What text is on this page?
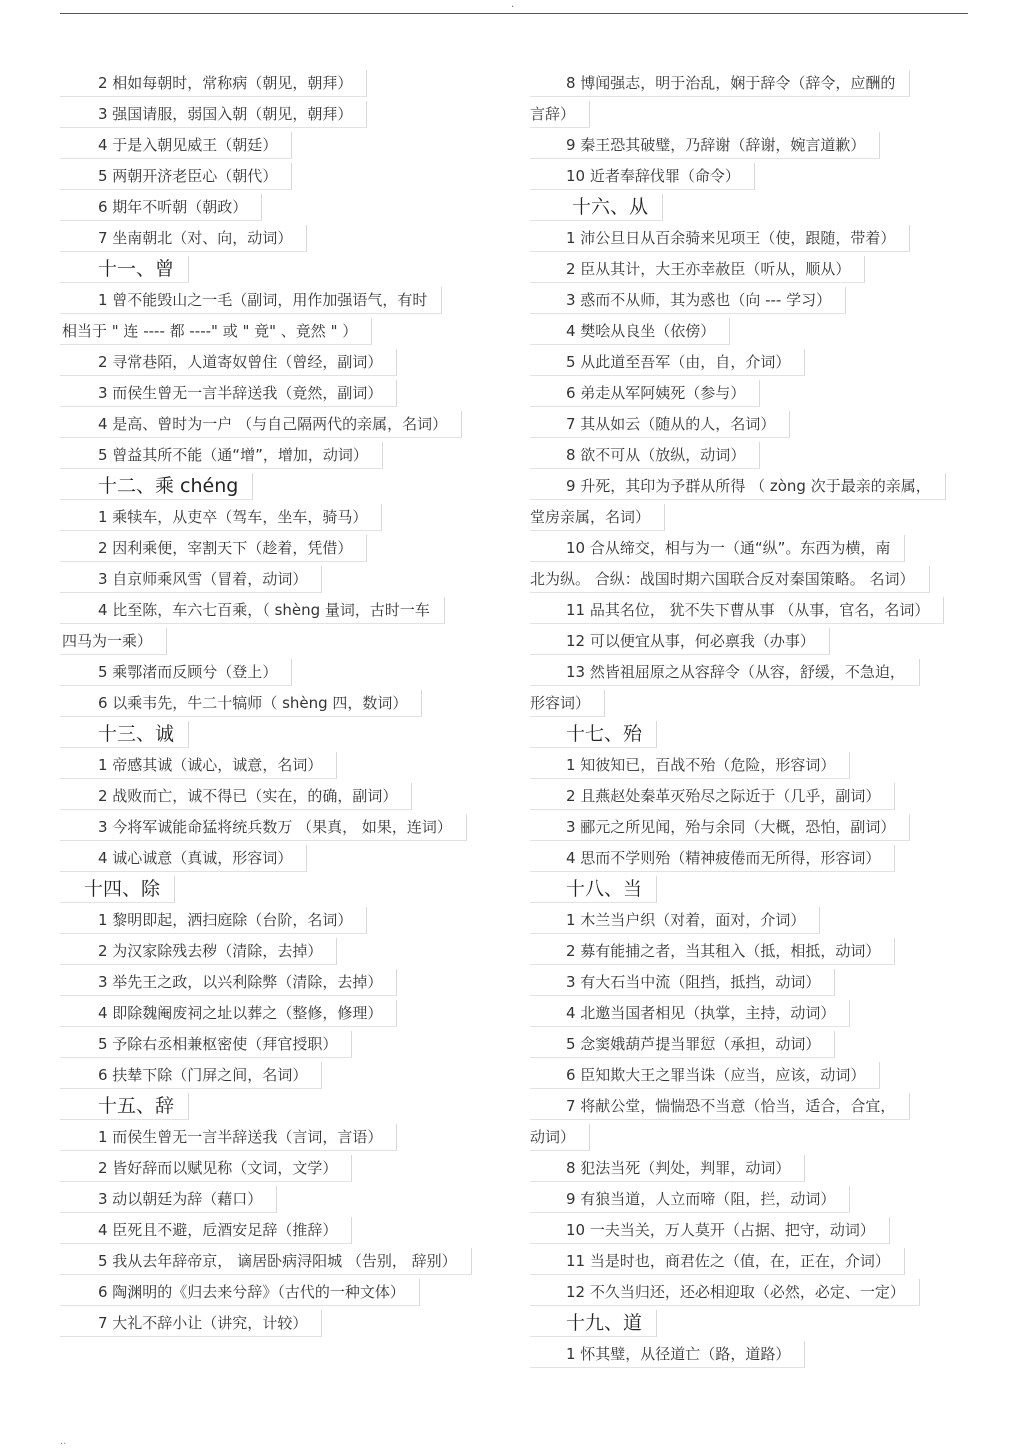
·
2 相如每朝时，常称病（朝见，朝拜）
3 强国请服，弱国入朝（朝见，朝拜）
4 于是入朝见威王（朝廷）
5 两朝开济老臣心（朝代）
6 期年不听朝（朝政）
7 坐南朝北（对、向，动词）
十一、曾
1 曾不能毁山之一毛（副词，用作加强语气，有时
相当于 " 连 ---- 都 ----" 或 " 竟" 、竟然 " ）
2 寻常巷陌，人道寄奴曾住（曾经，副词）
3 而侯生曾无一言半辞送我（竟然，副词）
4 是高、曾时为一户 （与自己隔两代的亲属，名词）
5 曾益其所不能（通“增”，增加，动词）
十二、乘 chéng
1 乘犊车，从吏卒（驾车，坐车，骑马）
2 因利乘便，宰割天下（趁着，凭借）
3 自京师乘风雪（冒着，动词）
4 比至陈，车六七百乘，（ shèng 量词，古时一车
四马为一乘）
5 乘鄂渚而反顾兮（登上）
6 以乘韦先，牛二十犒师（ shèng 四，数词）
十三、诚
1 帝感其诚（诚心，诚意，名词）
2 战败而亡，诚不得已（实在，的确，副词）
3 今将军诚能命猛将统兵数万 （果真， 如果，连词）
4 诚心诚意（真诚，形容词）
十四、除
1 黎明即起，洒扫庭除（台阶，名词）
2 为汉家除残去秽（清除，去掉）
3 举先王之政，以兴利除弊（清除，去掉）
4 即除魏阉废祠之址以葬之（整修，修理）
5 予除右丞相兼枢密使（拜官授职）
6 扶辇下除（门屏之间，名词）
十五、辞
1 而侯生曾无一言半辞送我（言词，言语）
2 皆好辞而以赋见称（文词，文学）
3 动以朝廷为辞（藉口）
4 臣死且不避，卮酒安足辞（推辞）
5 我从去年辞帝京， 谪居卧病浔阳城 （告别， 辞别）
6 陶渊明的《归去来兮辞》（古代的一种文体）
7 大礼不辞小让（讲究，计较）
8 博闻强志，明于治乱，娴于辞令（辞令，应酬的
言辞）
9 秦王恐其破璧，乃辞谢（辞谢，婉言道歉）
10 近者奉辞伐罪（命令）
十六、从
1 沛公旦日从百余骑来见项王（使，跟随，带着）
2 臣从其计，大王亦幸赦臣（听从，顺从）
3 惑而不从师，其为惑也（向 --- 学习）
4 樊哙从良坐（依傍）
5 从此道至吾军（由，自，介词）
6 弟走从军阿姨死（参与）
7 其从如云（随从的人，名词）
8 欲不可从（放纵，动词）
9 升死，其印为予群从所得 （ zòng 次于最亲的亲属，
堂房亲属，名词）
10 合从缔交，相与为一（通“纵”。东西为横，南
北为纵。 合纵：战国时期六国联合反对秦国策略。 名词）
11 品其名位， 犹不失下曹从事 （从事，官名，名词）
12 可以便宜从事，何必禀我（办事）
13 然皆祖屈原之从容辞令（从容，舒缓，不急迫，
形容词）
十七、殆
1 知彼知已，百战不殆（危险，形容词）
2 且燕赵处秦革灭殆尽之际近于（几乎，副词）
3 郦元之所见闻，殆与余同（大概，恐怕，副词）
4 思而不学则殆（精神疲倦而无所得，形容词）
十八、当
1 木兰当户织（对着，面对，介词）
2 募有能捕之者，当其租入（抵，相抵，动词）
3 有大石当中流（阻挡，抵挡，动词）
4 北邀当国者相见（执掌，主持，动词）
5 念窦娥葫芦提当罪愆（承担，动词）
6 臣知欺大王之罪当诛（应当，应该，动词）
7 将献公堂，惴惴恐不当意（恰当，适合，合宜，
动词）
8 犯法当死（判处，判罪，动词）
9 有狼当道，人立而啼（阻，拦，动词）
10 一夫当关，万人莫开（占据、把守，动词）
11 当是时也，商君佐之（值，在，正在，介词）
12 不久当归还，还必相迎取（必然，必定、一定）
十九、道
1 怀其璧，从径道亡（路，道路）
..
